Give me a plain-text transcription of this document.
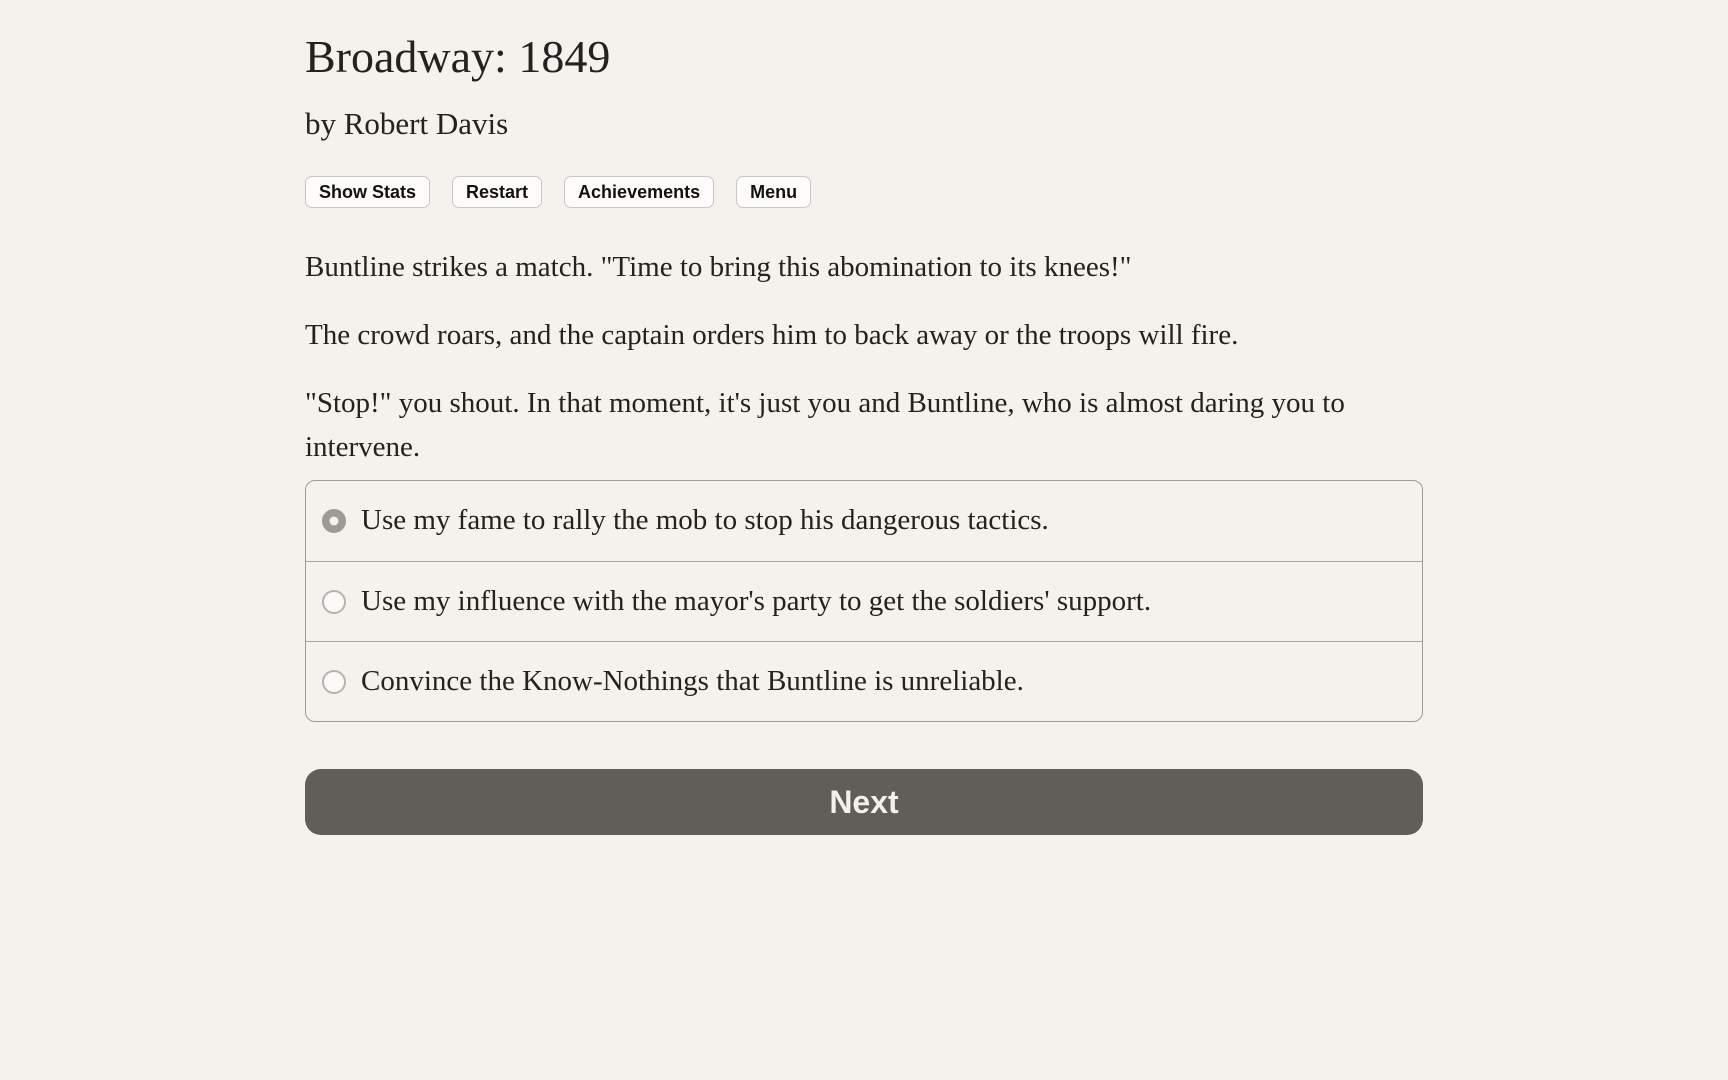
Broadway: 1849
by Robert Davis
Show Stats	Restart	Achievements	Menu

Buntline strikes a match. "Time to bring this abomination to its knees!"

The crowd roars, and the captain orders him to back away or the troops will fire.

"Stop!" you shout. In that moment, it's just you and Buntline, who is almost daring you to intervene.

Use my fame to rally the mob to stop his dangerous tactics.
Use my influence with the mayor's party to get the soldiers' support.
Convince the Know-Nothings that Buntline is unreliable.
Next
